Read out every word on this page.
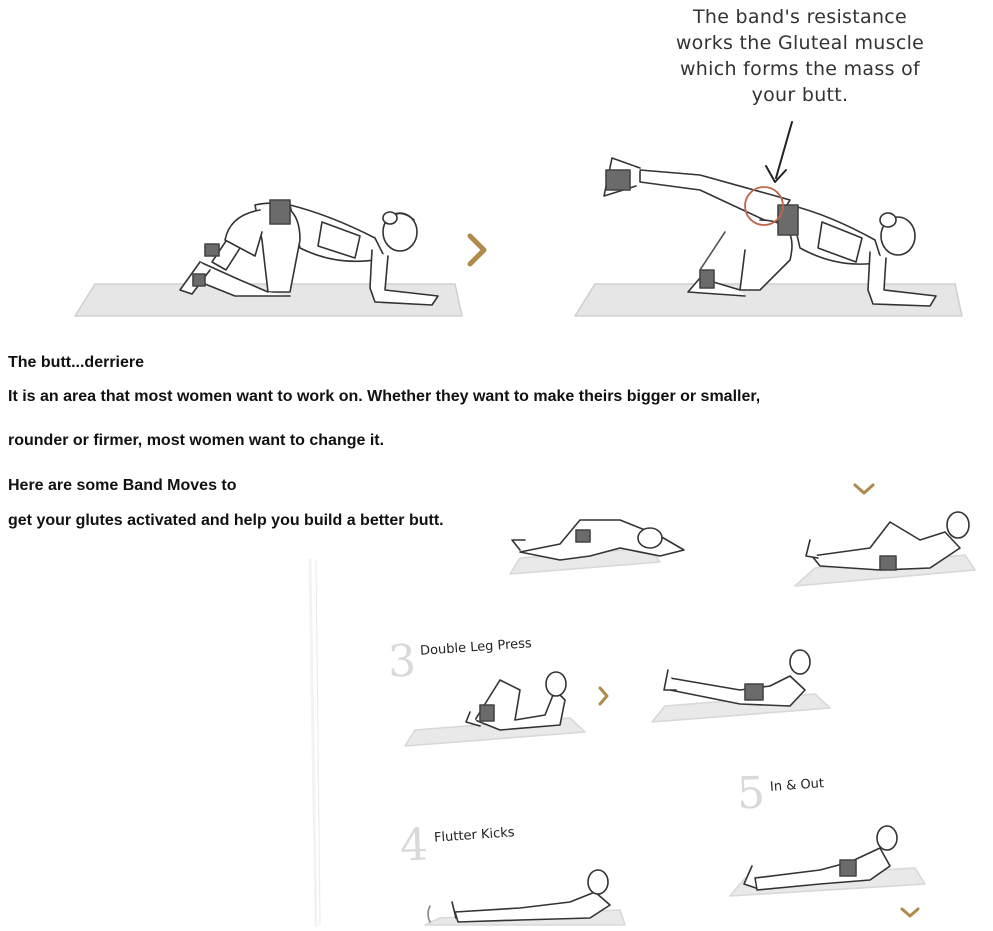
The band's resistance
works the Gluteal muscle
which forms the mass of
your butt.
The butt...derriere
It is an area that most women want to work on. Whether they want to make theirs bigger or smaller,
rounder or firmer, most women want to change it.
Here are some Band Moves to
get your glutes activated and help you build a better butt.
3 Double Leg Press
4 Flutter Kicks
5 In & Out
